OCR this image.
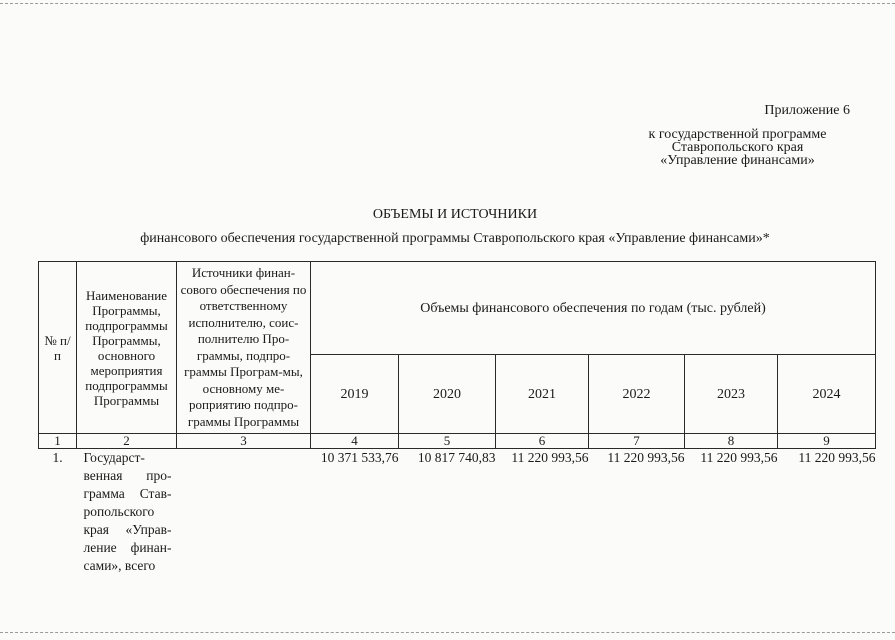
Приложение 6
к государственной программе
Ставропольского края
«Управление финансами»
ОБЪЕМЫ И ИСТОЧНИКИ
финансового обеспечения государственной программы Ставропольского края «Управление финансами»*
№ п/п	Наименование Программы, подпрограммы Программы, основного мероприятия подпрограммы Программы	Источники финан-сового обеспечения по ответственному исполнителю, соис-полнителю Про-граммы, подпро-граммы Програм-мы, основному ме-роприятию подпро-граммы Программы	Объемы финансового обеспечения по годам (тыс. рублей)					
			2019	2020	2021	2022	2023	2024
1	2	3	4	5	6	7	8	9
1.	Государст-венная про-грамма Став-ропольского края «Управ-ление финан-сами», всего		10 371 533,76	10 817 740,83	11 220 993,56	11 220 993,56	11 220 993,56	11 220 993,56
